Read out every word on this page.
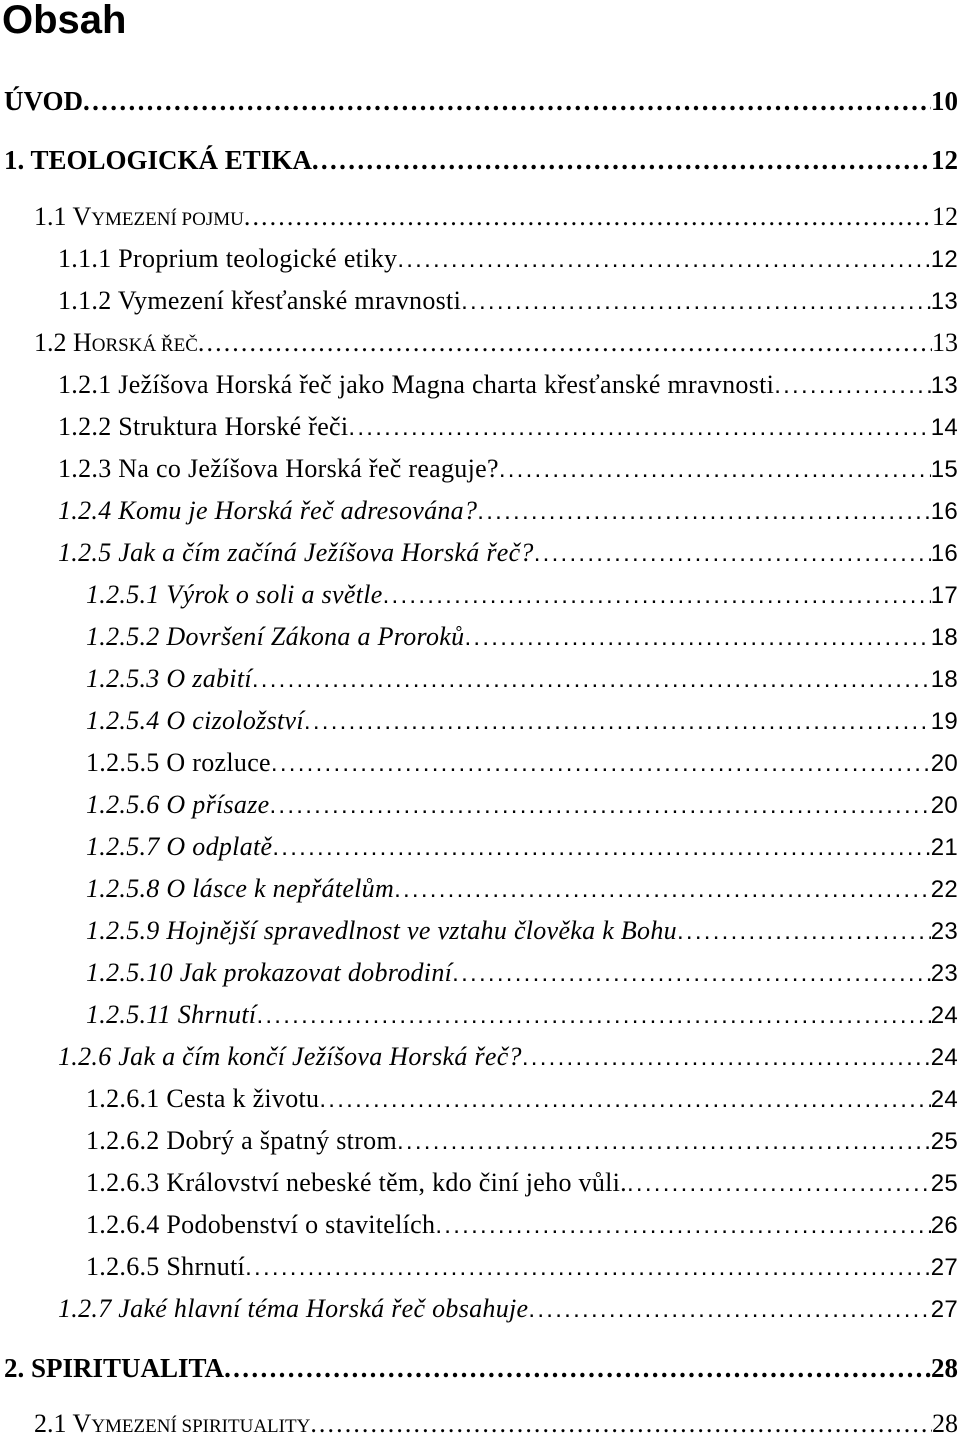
Obsah
ÚVOD . . .	10
1. TEOLOGICKÁ ETIKA . . .	12
1.1 VYMEZENÍ POJMU . . .	12
1.1.1 Proprium teologické etiky . . .	12
1.1.2 Vymezení křesťanské mravnosti . . .	13
1.2 HORSKÁ ŘEČ . . .	13
1.2.1 Ježíšova Horská řeč jako Magna charta křesťanské mravnosti . . .	13
1.2.2 Struktura Horské řeči . . .	14
1.2.3 Na co Ježíšova Horská řeč reaguje? . . .	15
1.2.4 Komu je Horská řeč adresována? . . .	16
1.2.5 Jak a čím začíná Ježíšova Horská řeč? . . .	16
1.2.5.1 Výrok o soli a světle . . .	17
1.2.5.2 Dovršení Zákona a Proroků . . .	18
1.2.5.3 O zabití . . .	18
1.2.5.4 O cizoložství . . .	19
1.2.5.5 O rozluce . . .	20
1.2.5.6 O přísaze . . .	20
1.2.5.7 O odplatě . . .	21
1.2.5.8 O lásce k nepřátelům . . .	22
1.2.5.9 Hojnější spravedlnost ve vztahu člověka k Bohu . . .	23
1.2.5.10 Jak prokazovat dobrodiní . . .	23
1.2.5.11 Shrnutí . . .	24
1.2.6 Jak a čím končí Ježíšova Horská řeč? . . .	24
1.2.6.1 Cesta k životu . . .	24
1.2.6.2 Dobrý a špatný strom . . .	25
1.2.6.3 Království nebeské těm, kdo činí jeho vůli. . . .	25
1.2.6.4 Podobenství o stavitelích . . .	26
1.2.6.5 Shrnutí . . .	27
1.2.7 Jaké hlavní téma Horská řeč obsahuje . . .	27
2. SPIRITUALITA . . .	28
2.1 VYMEZENÍ SPIRITUALITY . . .	28
